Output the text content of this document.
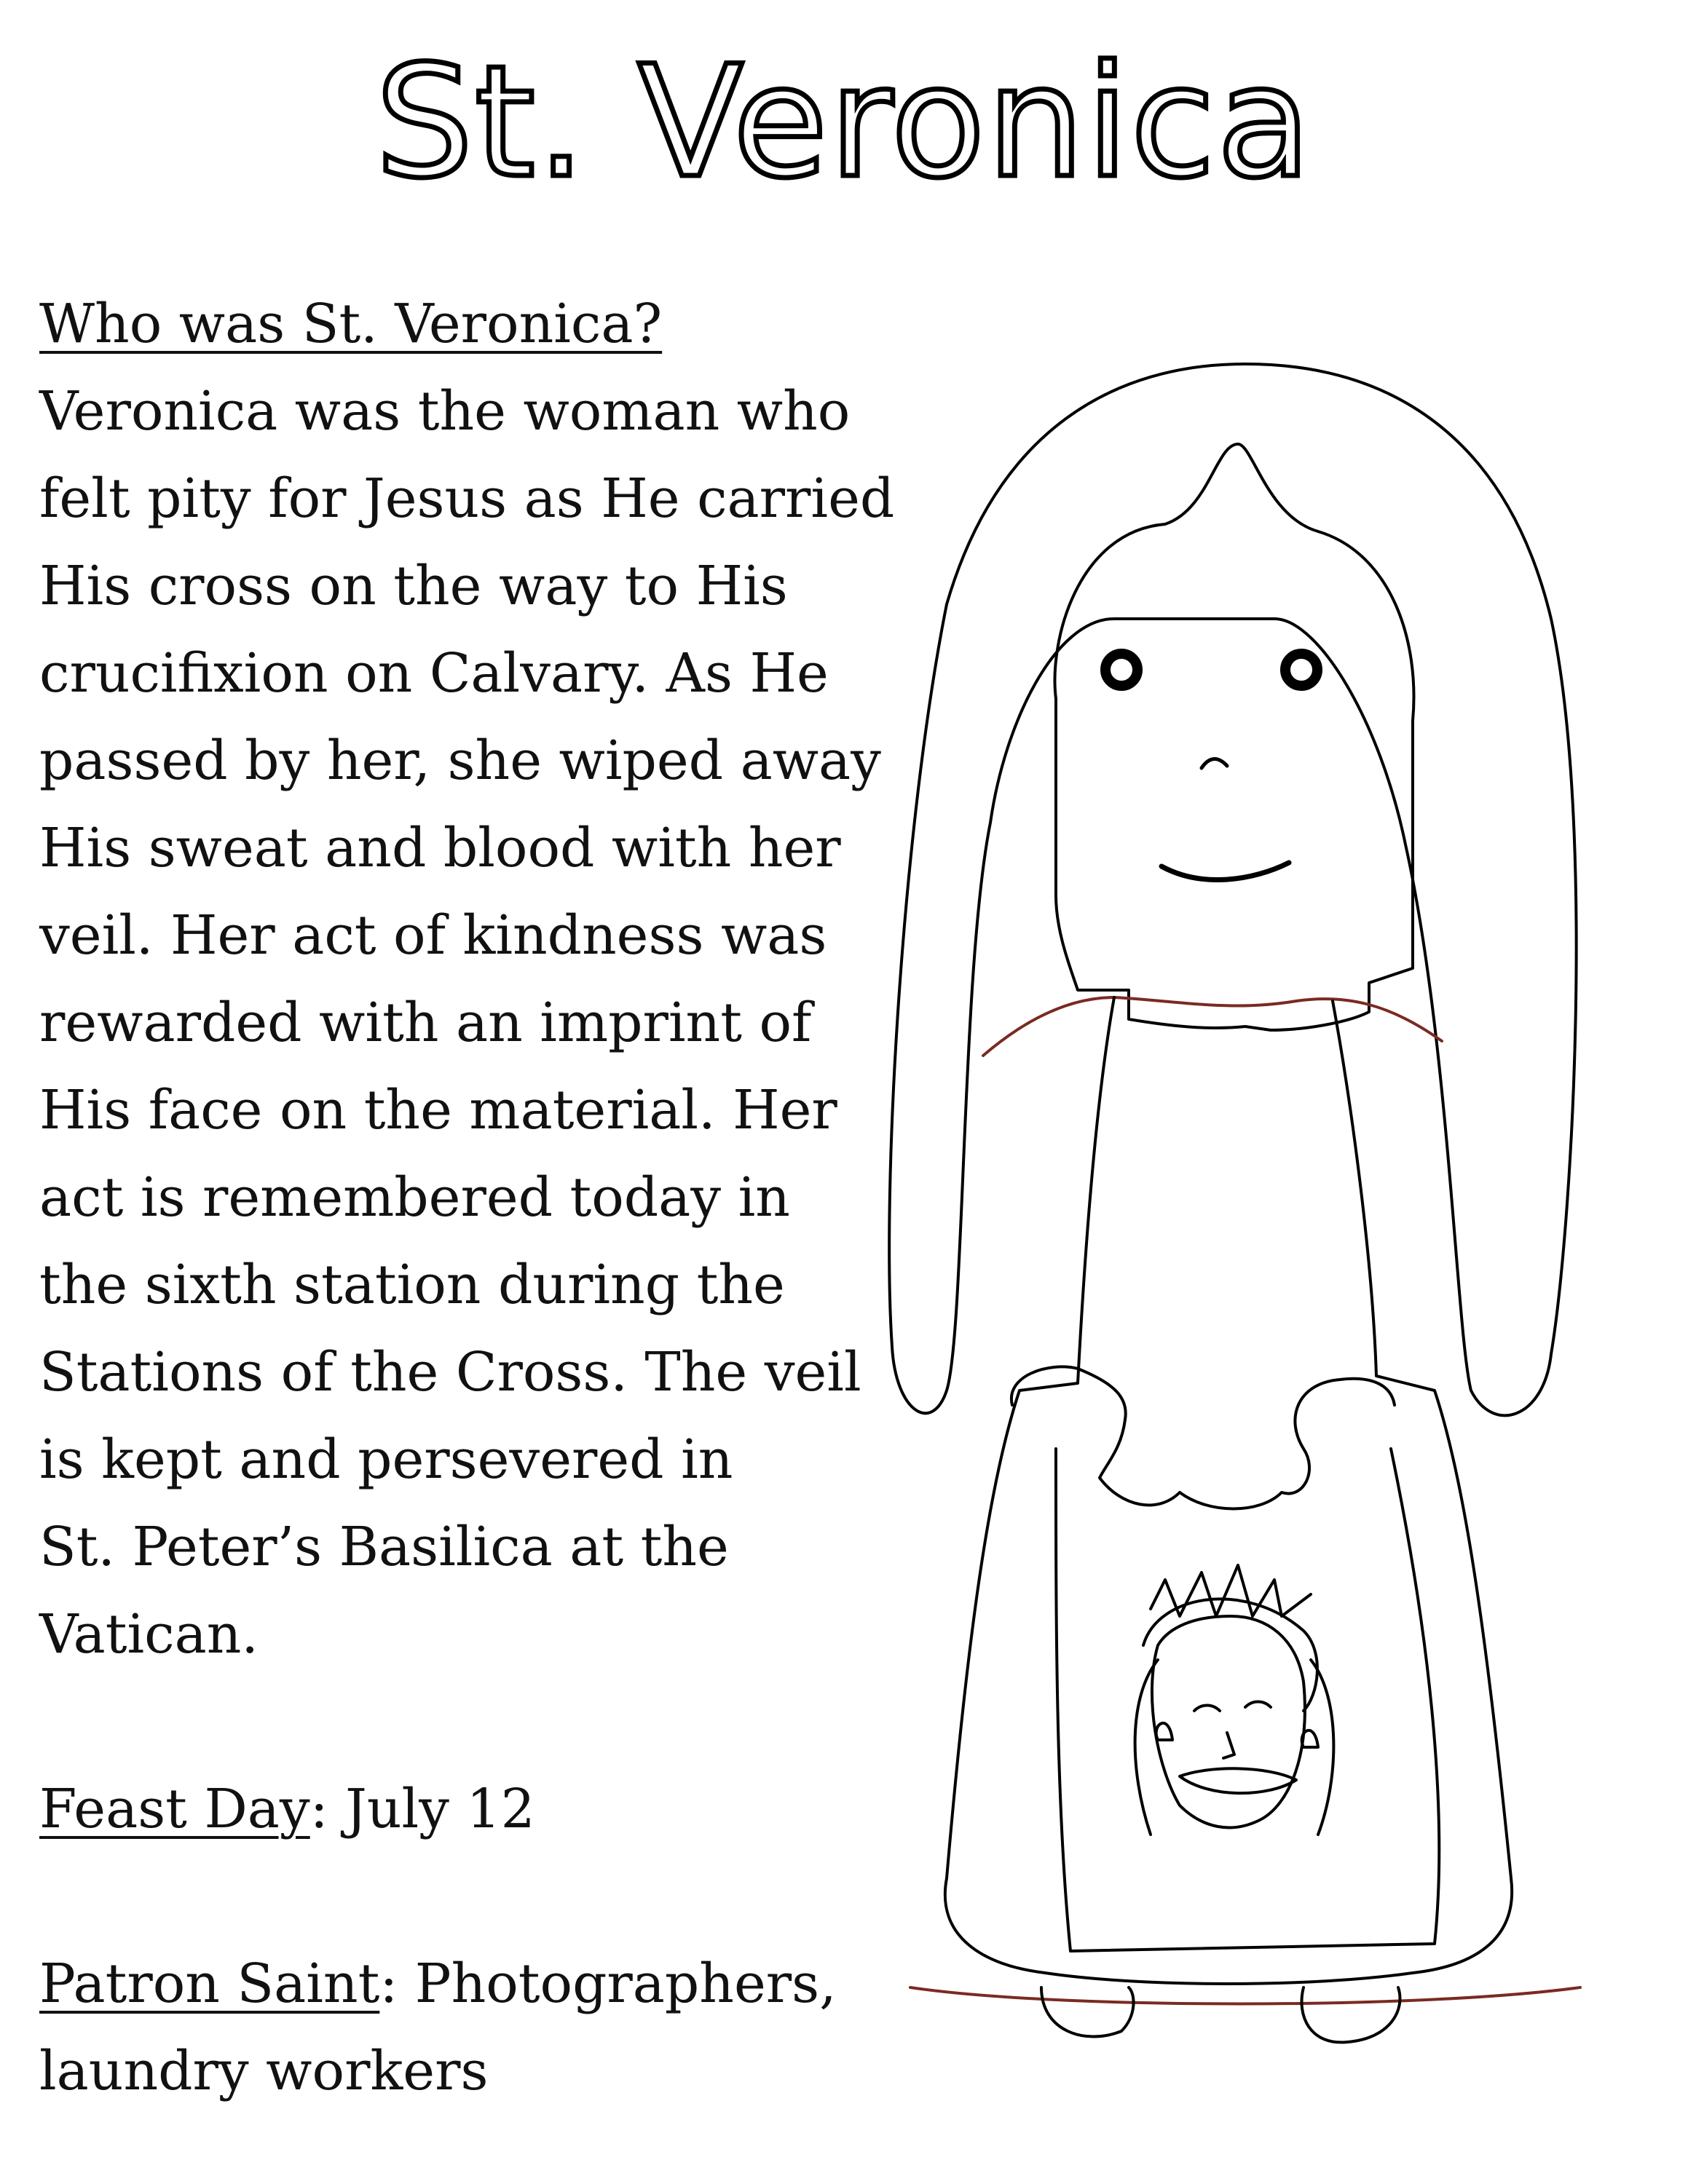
St. Veronica
Who was St. Veronica?
Veronica was the woman who
felt pity for Jesus as He carried
His cross on the way to His
crucifixion on Calvary. As He
passed by her, she wiped away
His sweat and blood with her
veil. Her act of kindness was
rewarded with an imprint of
His face on the material. Her
act is remembered today in
the sixth station during the
Stations of the Cross. The veil
is kept and persevered in
St. Peter’s Basilica at the
Vatican.
Feast Day: July 12
Patron Saint: Photographers,
laundry workers
